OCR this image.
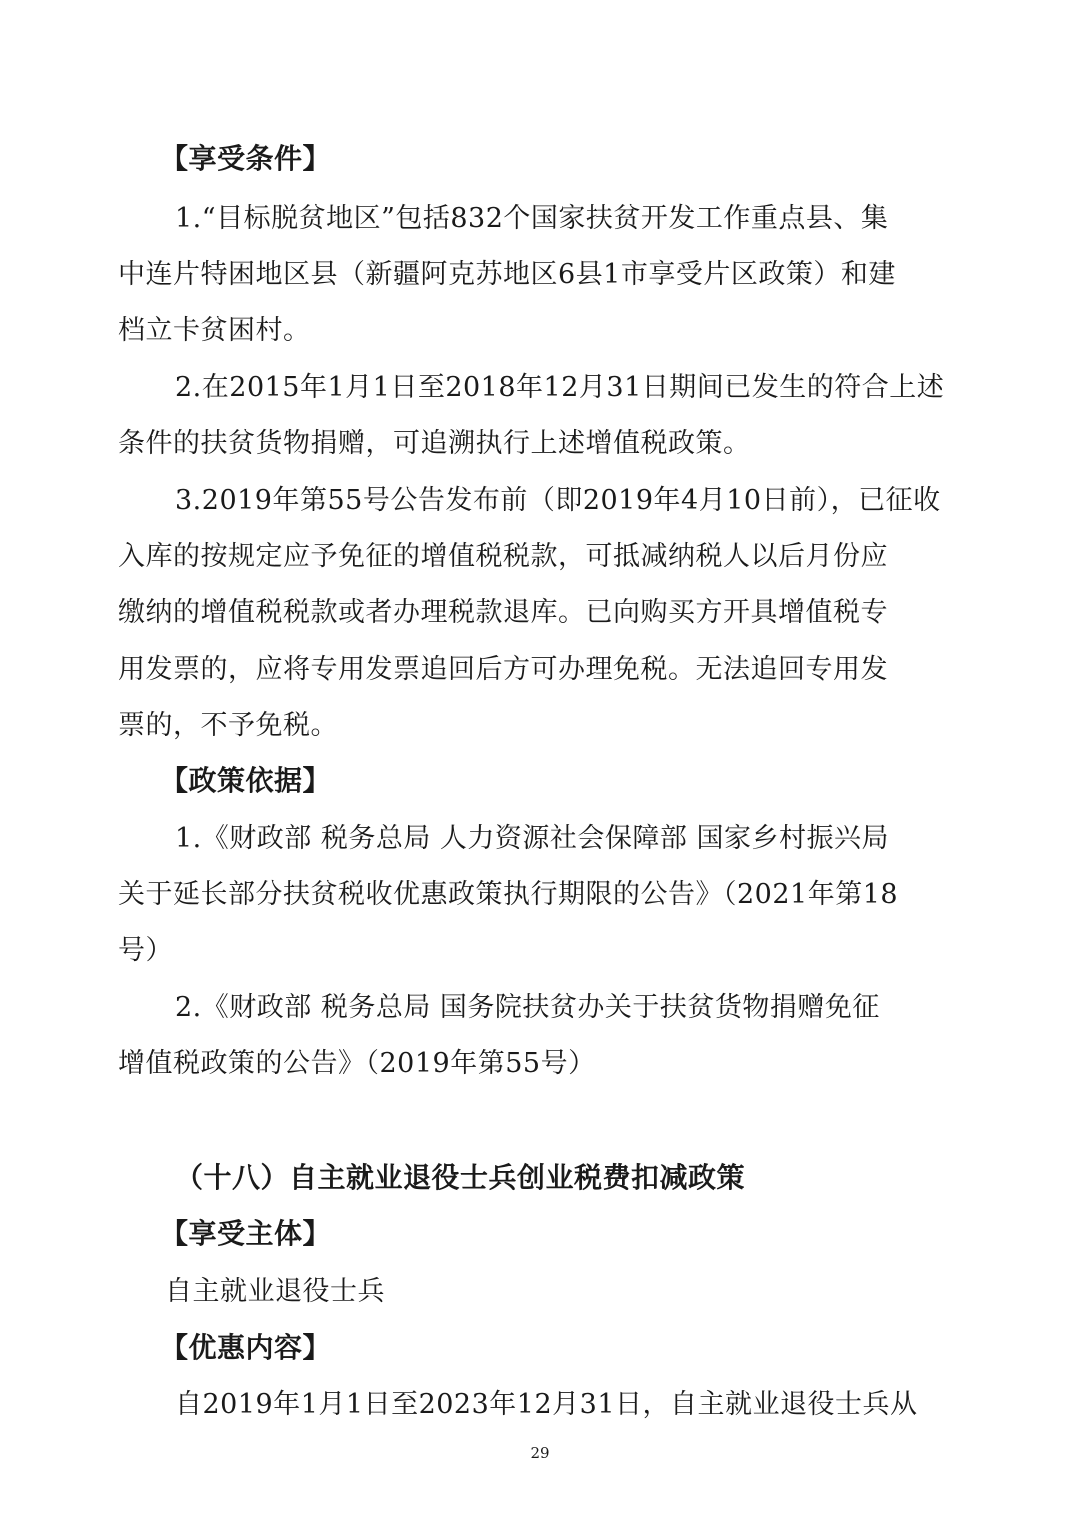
【享受条件】
1.“目标脱贫地区”包括832个国家扶贫开发工作重点县、集
中连片特困地区县（新疆阿克苏地区6县1市享受片区政策）和建
档立卡贫困村。
2.在2015年1月1日至2018年12月31日期间已发生的符合上述
条件的扶贫货物捐赠，可追溯执行上述增值税政策。
3.2019年第55号公告发布前（即2019年4月10日前），已征收
入库的按规定应予免征的增值税税款，可抵减纳税人以后月份应
缴纳的增值税税款或者办理税款退库。已向购买方开具增值税专
用发票的，应将专用发票追回后方可办理免税。无法追回专用发
票的，不予免税。
【政策依据】
1.《财政部 税务总局 人力资源社会保障部 国家乡村振兴局
关于延长部分扶贫税收优惠政策执行期限的公告》（2021年第18
号）
2.《财政部 税务总局 国务院扶贫办关于扶贫货物捐赠免征
增值税政策的公告》（2019年第55号）
（十八）自主就业退役士兵创业税费扣减政策
【享受主体】
自主就业退役士兵
【优惠内容】
自2019年1月1日至2023年12月31日，自主就业退役士兵从
29
